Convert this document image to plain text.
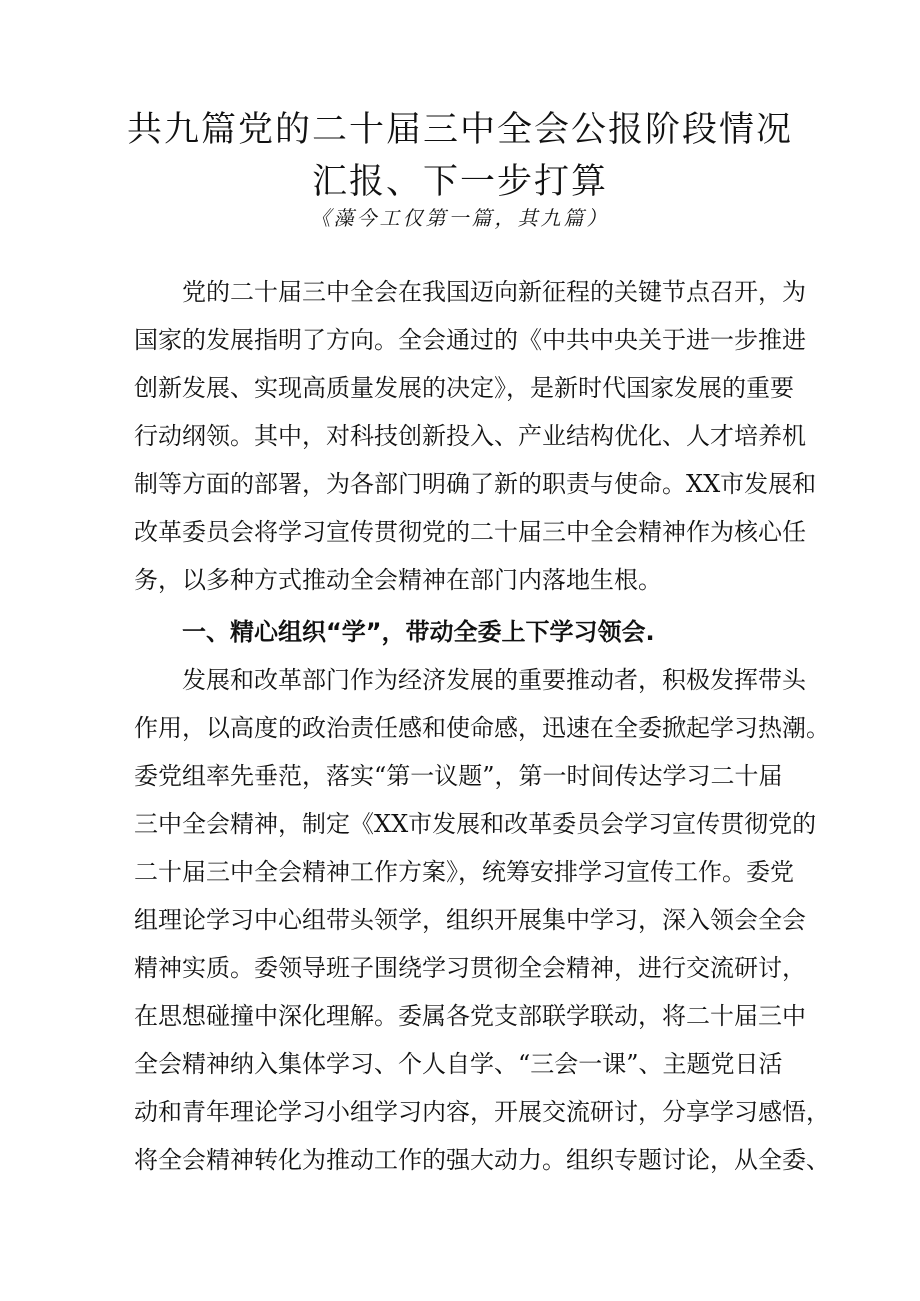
共九篇党的二十届三中全会公报阶段情况
汇报、下一步打算
《藻今工仅第一篇，其九篇）
　　党的二十届三中全会在我国迈向新征程的关键节点召开，为
国家的发展指明了方向。全会通过的《中共中央关于进一步推进
创新发展、实现高质量发展的决定》，是新时代国家发展的重要
行动纲领。其中，对科技创新投入、产业结构优化、人才培养机
制等方面的部署，为各部门明确了新的职责与使命。XX市发展和
改革委员会将学习宣传贯彻党的二十届三中全会精神作为核心任
务，以多种方式推动全会精神在部门内落地生根。
　　一、精心组织“学”，带动全委上下学习领会.
　　发展和改革部门作为经济发展的重要推动者，积极发挥带头
作用，以高度的政治责任感和使命感，迅速在全委掀起学习热潮。
委党组率先垂范，落实“第一议题”，第一时间传达学习二十届
三中全会精神，制定《XX市发展和改革委员会学习宣传贯彻党的
二十届三中全会精神工作方案》，统筹安排学习宣传工作。委党
组理论学习中心组带头领学，组织开展集中学习，深入领会全会
精神实质。委领导班子围绕学习贯彻全会精神，进行交流研讨，
在思想碰撞中深化理解。委属各党支部联学联动，将二十届三中
全会精神纳入集体学习、个人自学、“三会一课”、主题党日活
动和青年理论学习小组学习内容，开展交流研讨，分享学习感悟，
将全会精神转化为推动工作的强大动力。组织专题讨论，从全委、
